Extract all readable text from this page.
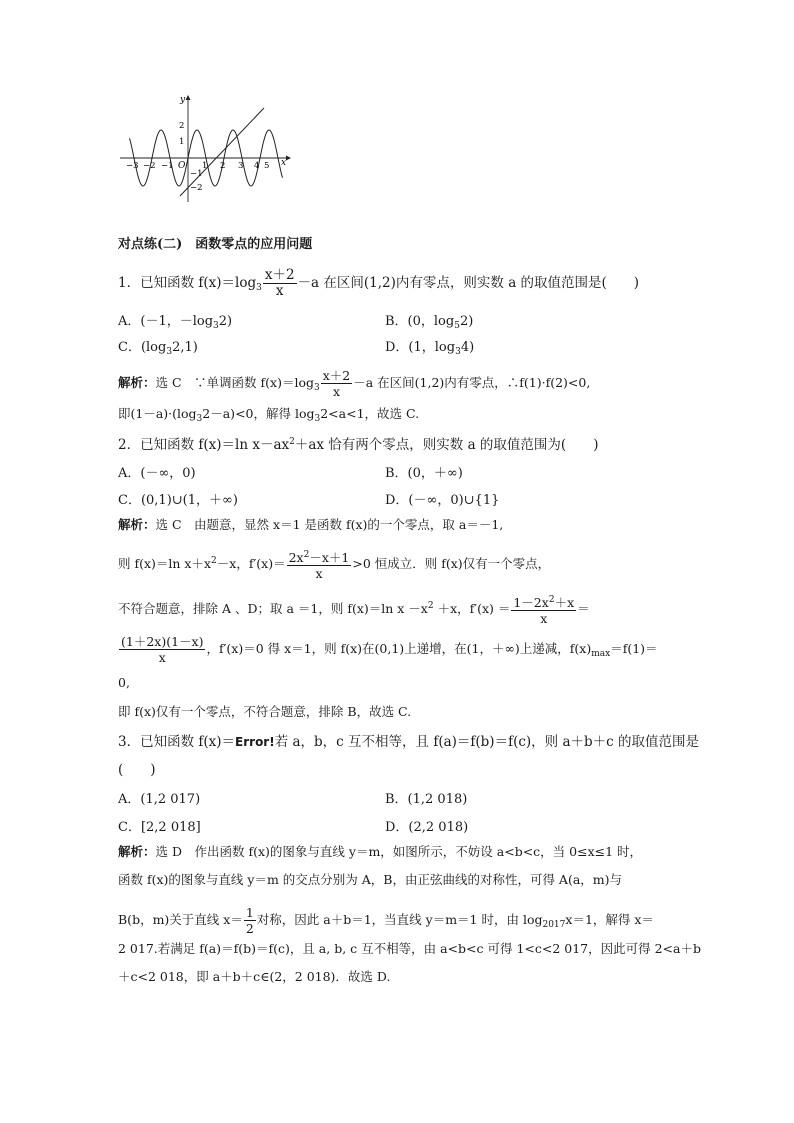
y
x
O
−3 −2 −1	1 2 3 4 5
2
1
−1
−2
对点练(二)　函数零点的应用问题
1．已知函数 $f(x)=\log_3 \frac{x+2}{x} -a$ 在区间(1,2)内有零点，则实数 a 的取值范围是(　　)
A．(－1，$-\log_32$)	B．(0，$\log_52$)
C．$(\log_32,1)$	D．(1，$\log_34$)
解析：选 C　∵单调函数 $f(x)=\log_3 \frac{x+2}{x} -a$ 在区间(1,2)内有零点，∴f(1)·f(2)<0,
即$(1-a)\cdot(\log_32-a)<0$，解得 $\log_32<a<1$，故选 C.
2．已知函数 f(x)＝ln $x-ax^2+ax$ 恰有两个零点，则实数 a 的取值范围为(　　)
A．(－∞，0)	B．(0，＋∞)
C．(0,1)∪(1，＋∞)	D．(－∞，0)∪{1}
解析：选 C　由题意，显然 x＝1 是函数 f(x)的一个零点，取 a＝－1,
则 f(x)＝ln $x+x^2-x$，$f'(x)= \frac{2x^2-x+1}{x} >0$ 恒成立．则 f(x)仅有一个零点，
不符合题意，排除 A 、D；取 a ＝1，则 f(x)＝ln $x -x^2 +x$，$f'(x) = \frac{1-2x^2+x}{x}$ ＝
$\frac{(1+2x)(1-x)}{x}$ ，f′(x)＝0 得 x＝1，则 f(x)在(0,1)上递增，在(1，＋∞)上递减，$f(x)_{max}=f(1)=$
0,
即 f(x)仅有一个零点，不符合题意，排除 B，故选 C.
3．已知函数 f(x)＝Error!若 a，b，c 互不相等，且 f(a)＝f(b)＝f(c)，则 a＋b＋c 的取值范围是
(　　)
A．(1,2 017)	B．(1,2 018)
C．[2,2 018]	D．(2,2 018)
解析：选 D　作出函数 f(x)的图象与直线 y＝m，如图所示，不妨设 a<b<c，当 0≤x≤1 时，
函数 f(x)的图象与直线 y＝m 的交点分别为 A，B，由正弦曲线的对称性，可得 A(a，m)与
B(b，m)关于直线 $x= \frac{1}{2}$ 对称，因此 a＋b＝1，当直线 y＝m＝1 时，由 $\log_{2017}x=1$，解得 x＝
2 017.若满足 f(a)＝f(b)＝f(c)，且 a, b, c 互不相等，由 a<b<c 可得 1<c<2 017，因此可得 2<a＋b
＋c<2 018，即 a＋b＋c∈(2，2 018)．故选 D.
